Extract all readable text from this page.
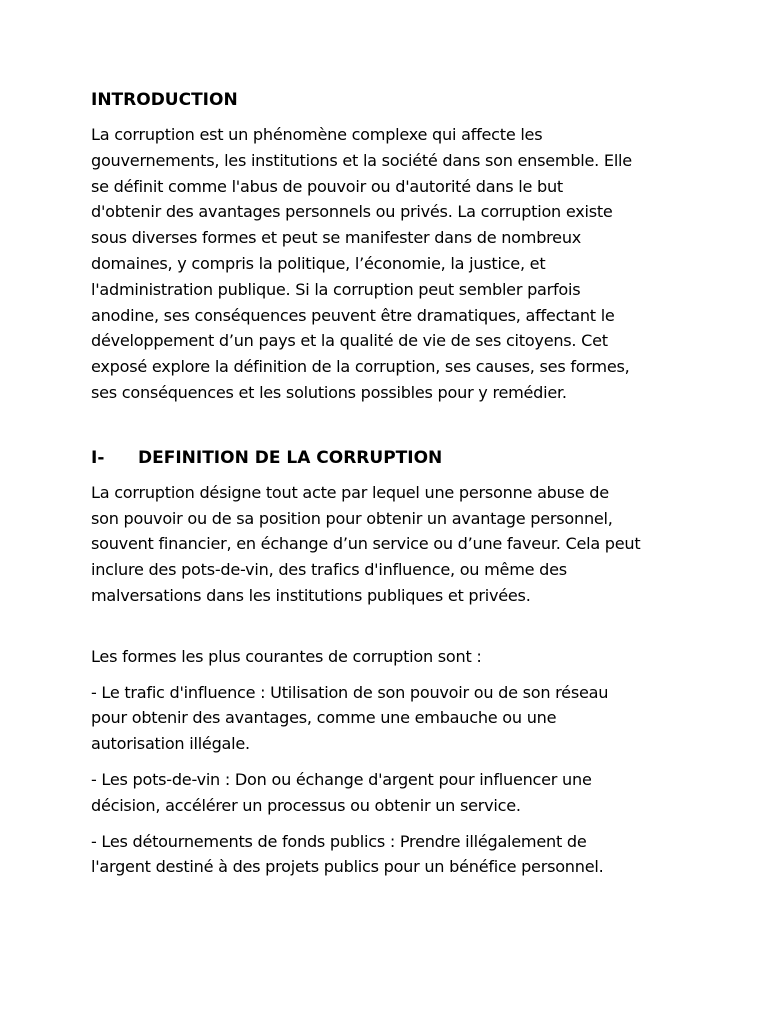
INTRODUCTION

La corruption est un phénomène complexe qui affecte les
gouvernements, les institutions et la société dans son ensemble. Elle
se définit comme l'abus de pouvoir ou d'autorité dans le but
d'obtenir des avantages personnels ou privés. La corruption existe
sous diverses formes et peut se manifester dans de nombreux
domaines, y compris la politique, l’économie, la justice, et
l'administration publique. Si la corruption peut sembler parfois
anodine, ses conséquences peuvent être dramatiques, affectant le
développement d’un pays et la qualité de vie de ses citoyens. Cet
exposé explore la définition de la corruption, ses causes, ses formes,
ses conséquences et les solutions possibles pour y remédier.

I- DEFINITION DE LA CORRUPTION

La corruption désigne tout acte par lequel une personne abuse de
son pouvoir ou de sa position pour obtenir un avantage personnel,
souvent financier, en échange d’un service ou d’une faveur. Cela peut
inclure des pots-de-vin, des trafics d'influence, ou même des
malversations dans les institutions publiques et privées.

Les formes les plus courantes de corruption sont :

- Le trafic d'influence : Utilisation de son pouvoir ou de son réseau
pour obtenir des avantages, comme une embauche ou une
autorisation illégale.

- Les pots-de-vin : Don ou échange d'argent pour influencer une
décision, accélérer un processus ou obtenir un service.

- Les détournements de fonds publics : Prendre illégalement de
l'argent destiné à des projets publics pour un bénéfice personnel.
